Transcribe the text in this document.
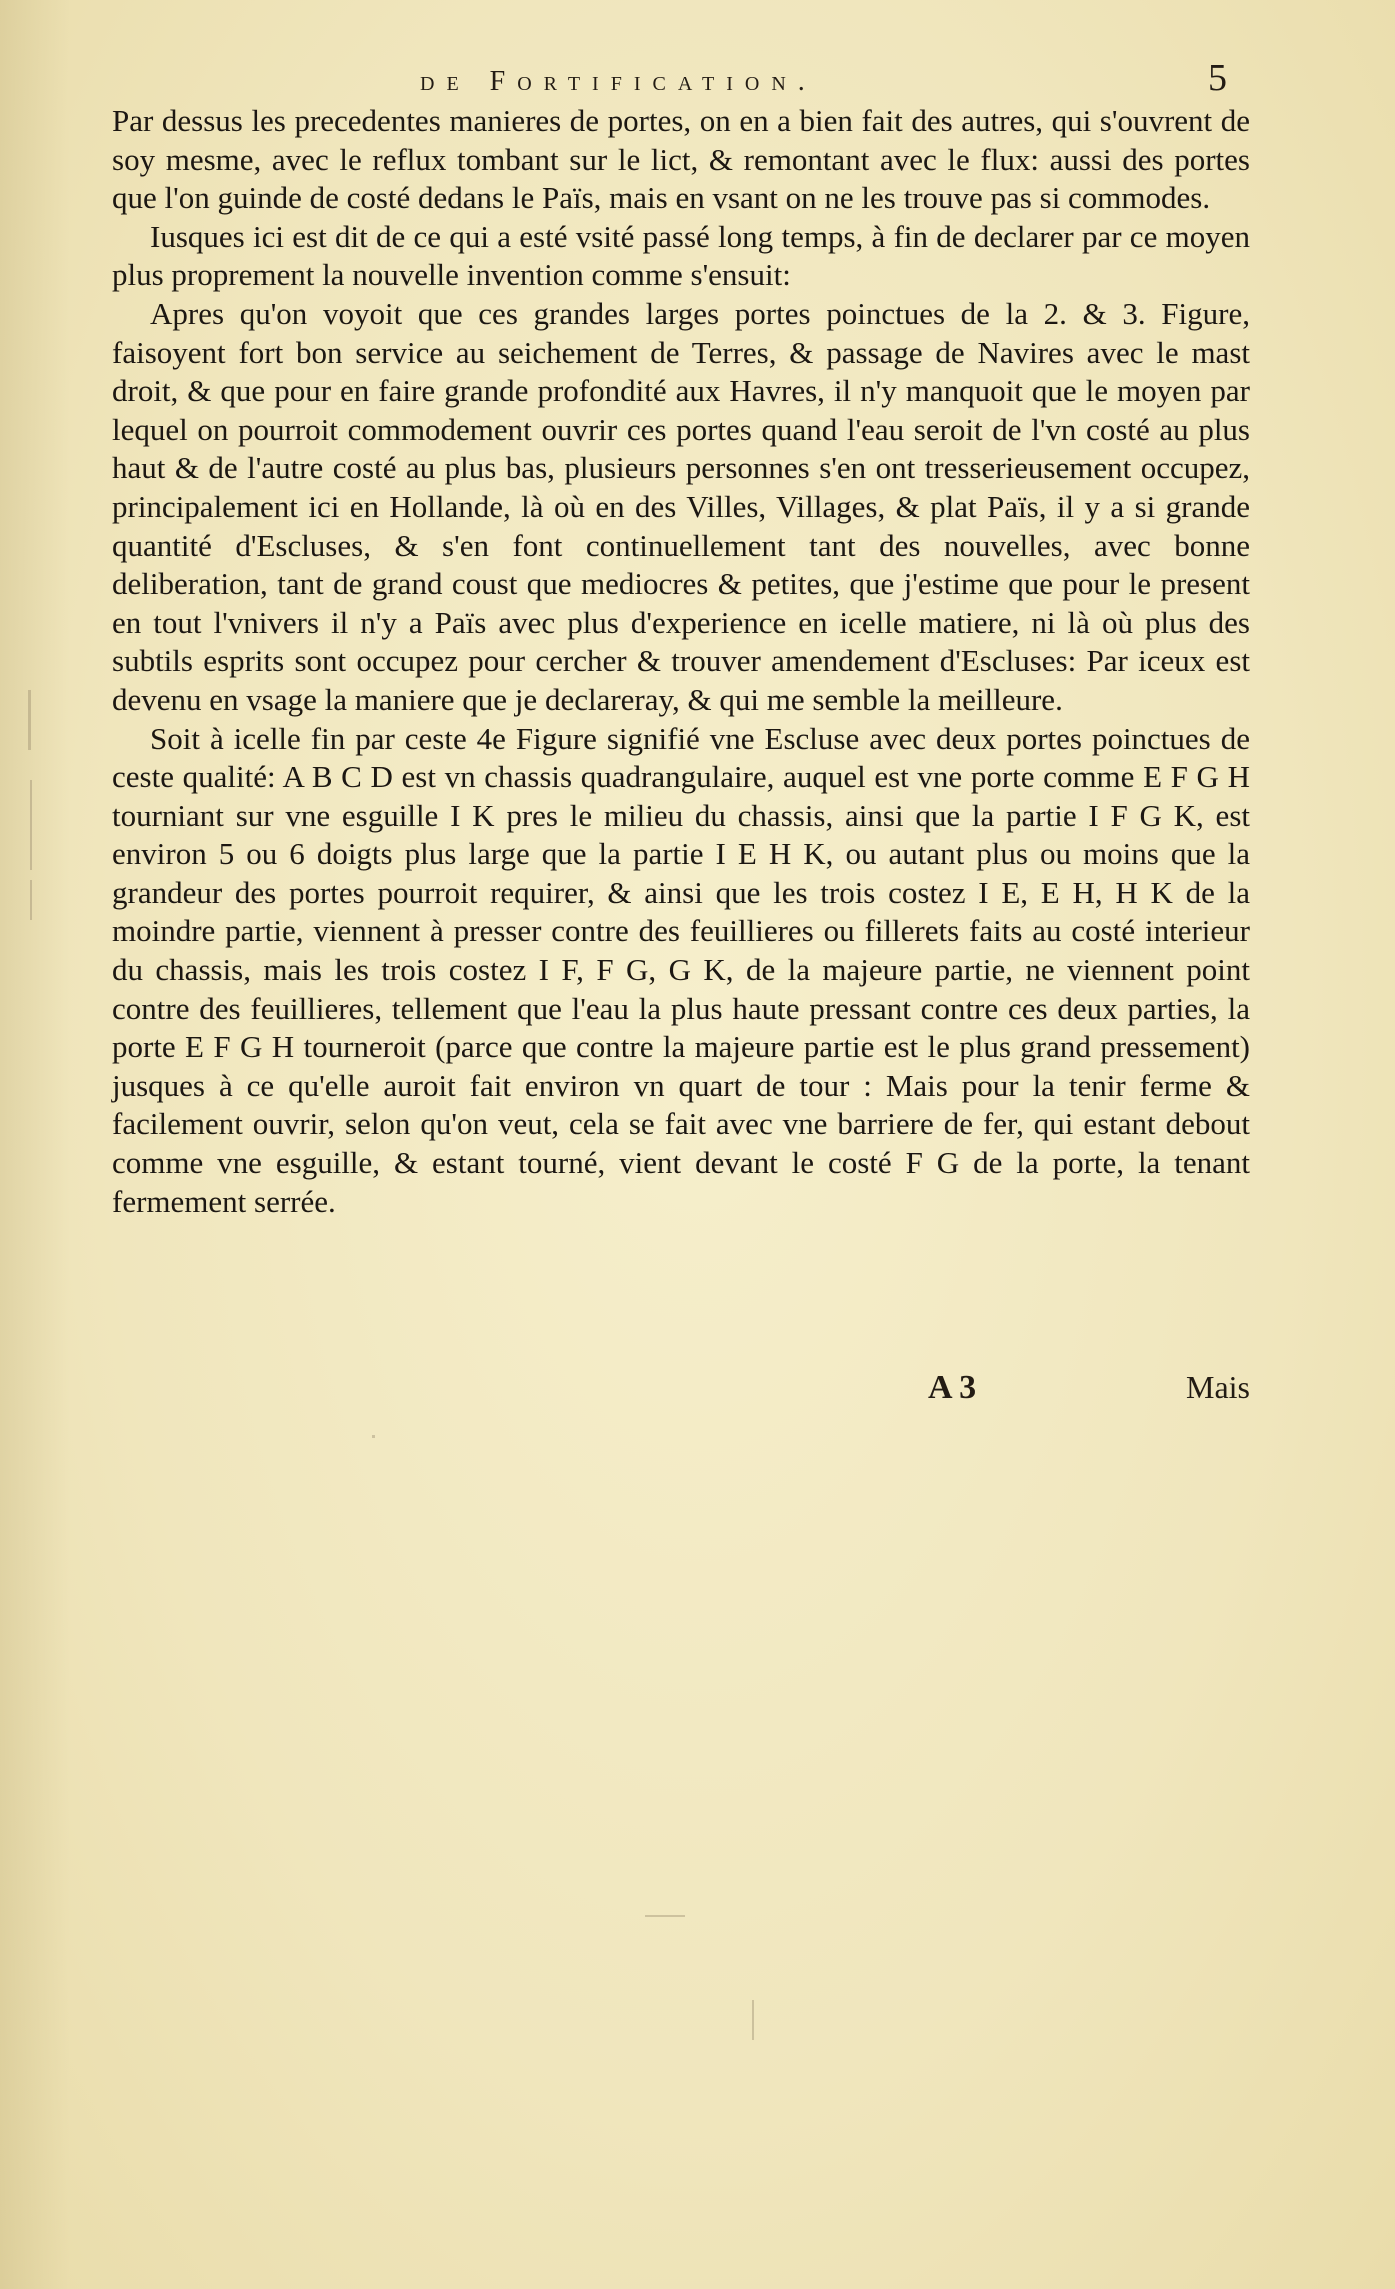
de Fortification.	5

Par dessus les precedentes manieres de portes, on en a bien fait des autres, qui s'ouvrent de soy mesme, avec le reflux tombant sur le lict, & remontant avec le flux: aussi des portes que l'on guinde de costé dedans le Païs, mais en vsant on ne les trouve pas si commodes.

Iusques ici est dit de ce qui a esté vsité passé long temps, à fin de declarer par ce moyen plus proprement la nouvelle invention comme s'ensuit:

Apres qu'on voyoit que ces grandes larges portes poinctues de la 2. & 3. Figure, faisoyent fort bon service au seichement de Terres, & passage de Navires avec le mast droit, & que pour en faire grande profondité aux Havres, il n'y manquoit que le moyen par lequel on pourroit commodement ouvrir ces portes quand l'eau seroit de l'vn costé au plus haut & de l'autre costé au plus bas, plusieurs personnes s'en ont tresserieusement occupez, principalement ici en Hollande, là où en des Villes, Villages, & plat Païs, il y a si grande quantité d'Escluses, & s'en font continuellement tant des nouvelles, avec bonne deliberation, tant de grand coust que mediocres & petites, que j'estime que pour le present en tout l'vnivers il n'y a Païs avec plus d'experience en icelle matiere, ni là où plus des subtils esprits sont occupez pour cercher & trouver amendement d'Escluses: Par iceux est devenu en vsage la maniere que je declareray, & qui me semble la meilleure.

Soit à icelle fin par ceste 4e Figure signifié vne Escluse avec deux portes poinctues de ceste qualité: A B C D est vn chassis quadrangulaire, auquel est vne porte comme E F G H tourniant sur vne esguille I K pres le milieu du chassis, ainsi que la partie I F G K, est environ 5 ou 6 doigts plus large que la partie I E H K, ou autant plus ou moins que la grandeur des portes pourroit requirer, & ainsi que les trois costez I E, E H, H K de la moindre partie, viennent à presser contre des feuillieres ou fillerets faits au costé interieur du chassis, mais les trois costez I F, F G, G K, de la majeure partie, ne viennent point contre des feuillieres, tellement que l'eau la plus haute pressant contre ces deux parties, la porte E F G H tourneroit (parce que contre la majeure partie est le plus grand pressement) jusques à ce qu'elle auroit fait environ vn quart de tour : Mais pour la tenir ferme & facilement ouvrir, selon qu'on veut, cela se fait avec vne barriere de fer, qui estant debout comme vne esguille, & estant tourné, vient devant le costé F G de la porte, la tenant fermement serrée.

A 3	Mais
